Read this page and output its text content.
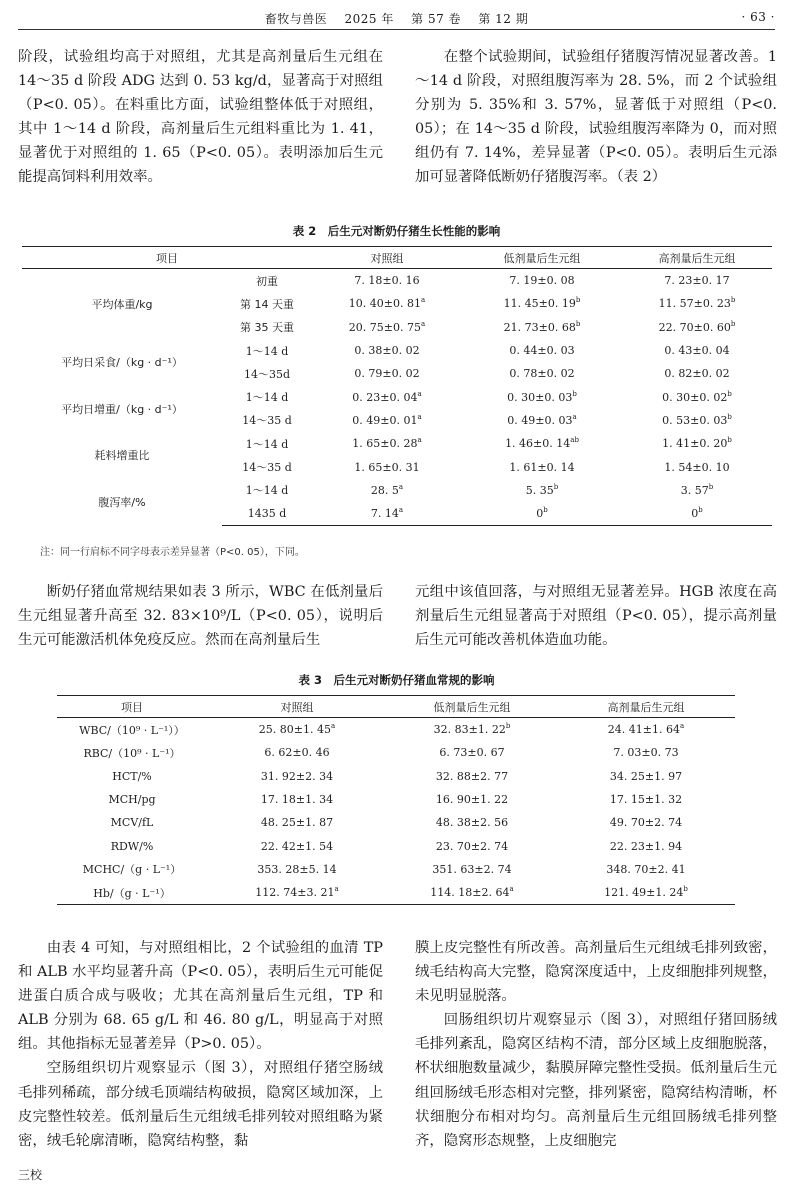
畜牧与兽医 2025 年 第 57 卷 第 12 期	· 63 ·

阶段，试验组均高于对照组，尤其是高剂量后生元组在 14～35 d 阶段 ADG 达到 0. 53 kg/d，显著高于对照组（P<0. 05）。在料重比方面，试验组整体低于对照组，其中 1～14 d 阶段，高剂量后生元组料重比为 1. 41，显著优于对照组的 1. 65（P<0. 05）。表明添加后生元能提高饲料利用效率。

在整个试验期间，试验组仔猪腹泻情况显著改善。1～14 d 阶段，对照组腹泻率为 28. 5%，而 2 个试验组分别为 5. 35%和 3. 57%，显著低于对照组（P<0. 05）；在 14～35 d 阶段，试验组腹泻率降为 0，而对照组仍有 7. 14%，差异显著（P<0. 05）。表明后生元添加可显著降低断奶仔猪腹泻率。（表 2）

表 2　后生元对断奶仔猪生长性能的影响
项目		对照组	低剂量后生元组	高剂量后生元组
平均体重/kg	初重	7. 18±0. 16	7. 19±0. 08	7. 23±0. 17
	第 14 天重	10. 40±0. 81$^a$	11. 45±0. 19$^b$	11. 57±0. 23$^b$
	第 35 天重	20. 75±0. 75$^a$	21. 73±0. 68$^b$	22. 70±0. 60$^b$
平均日采食/（kg · d⁻¹）	1～14 d	0. 38±0. 02	0. 44±0. 03	0. 43±0. 04
	14～35d	0. 79±0. 02	0. 78±0. 02	0. 82±0. 02
平均日增重/（kg · d⁻¹）	1～14 d	0. 23±0. 04$^a$	0. 30±0. 03$^b$	0. 30±0. 02$^b$
	14～35 d	0. 49±0. 01$^a$	0. 49±0. 03$^a$	0. 53±0. 03$^b$
耗料增重比	1～14 d	1. 65±0. 28$^a$	1. 46±0. $14^{ab}$	1. 41±0. 20$^b$
	14～35 d	1. 65±0. 31	1. 61±0. 14	1. 54±0. 10
腹泻率/%	1～14 d	28. 5$^a$	5. 35$^b$	3. 57$^b$
	1435 d	7. 14$^a$	0$^b$	0$^b$
注：同一行肩标不同字母表示差异显著（P<0. 05），下同。

断奶仔猪血常规结果如表 3 所示，WBC 在低剂量后生元组显著升高至 32. 83×10⁹/L（P<0. 05），说明后生元可能激活机体免疫反应。然而在高剂量后生

元组中该值回落，与对照组无显著差异。HGB 浓度在高剂量后生元组显著高于对照组（P<0. 05），提示高剂量后生元可能改善机体造血功能。

表 3　后生元对断奶仔猪血常规的影响
项目	对照组	低剂量后生元组	高剂量后生元组
WBC/（10⁹ · L⁻¹））	25. 80±1. 45$^a$	32. 83±1. 22$^b$	24. 41±1. 64$^a$
RBC/（10⁹ · L⁻¹）	6. 62±0. 46	6. 73±0. 67	7. 03±0. 73
HCT/%	31. 92±2. 34	32. 88±2. 77	34. 25±1. 97
MCH/pg	17. 18±1. 34	16. 90±1. 22	17. 15±1. 32
MCV/fL	48. 25±1. 87	48. 38±2. 56	49. 70±2. 74
RDW/%	22. 42±1. 54	23. 70±2. 74	22. 23±1. 94
MCHC/（g · L⁻¹）	353. 28±5. 14	351. 63±2. 74	348. 70±2. 41
Hb/（g · L⁻¹）	112. 74±3. 21$^a$	114. 18±2. 64$^a$	121. 49±1. 24$^b$

由表 4 可知，与对照组相比，2 个试验组的血清 TP 和 ALB 水平均显著升高（P<0. 05），表明后生元可能促进蛋白质合成与吸收；尤其在高剂量后生元组，TP 和 ALB 分别为 68. 65 g/L 和 46. 80 g/L，明显高于对照组。其他指标无显著差异（P>0. 05）。

空肠组织切片观察显示（图 3），对照组仔猪空肠绒毛排列稀疏，部分绒毛顶端结构破损，隐窝区域加深，上皮完整性较差。低剂量后生元组绒毛排列较对照组略为紧密，绒毛轮廓清晰，隐窝结构整，黏

膜上皮完整性有所改善。高剂量后生元组绒毛排列致密，绒毛结构高大完整，隐窝深度适中，上皮细胞排列规整，未见明显脱落。

回肠组织切片观察显示（图 3），对照组仔猪回肠绒毛排列紊乱，隐窝区结构不清，部分区域上皮细胞脱落，杯状细胞数量减少，黏膜屏障完整性受损。低剂量后生元组回肠绒毛形态相对完整，排列紧密，隐窝结构清晰，杯状细胞分布相对均匀。高剂量后生元组回肠绒毛排列整齐，隐窝形态规整，上皮细胞完

三校
